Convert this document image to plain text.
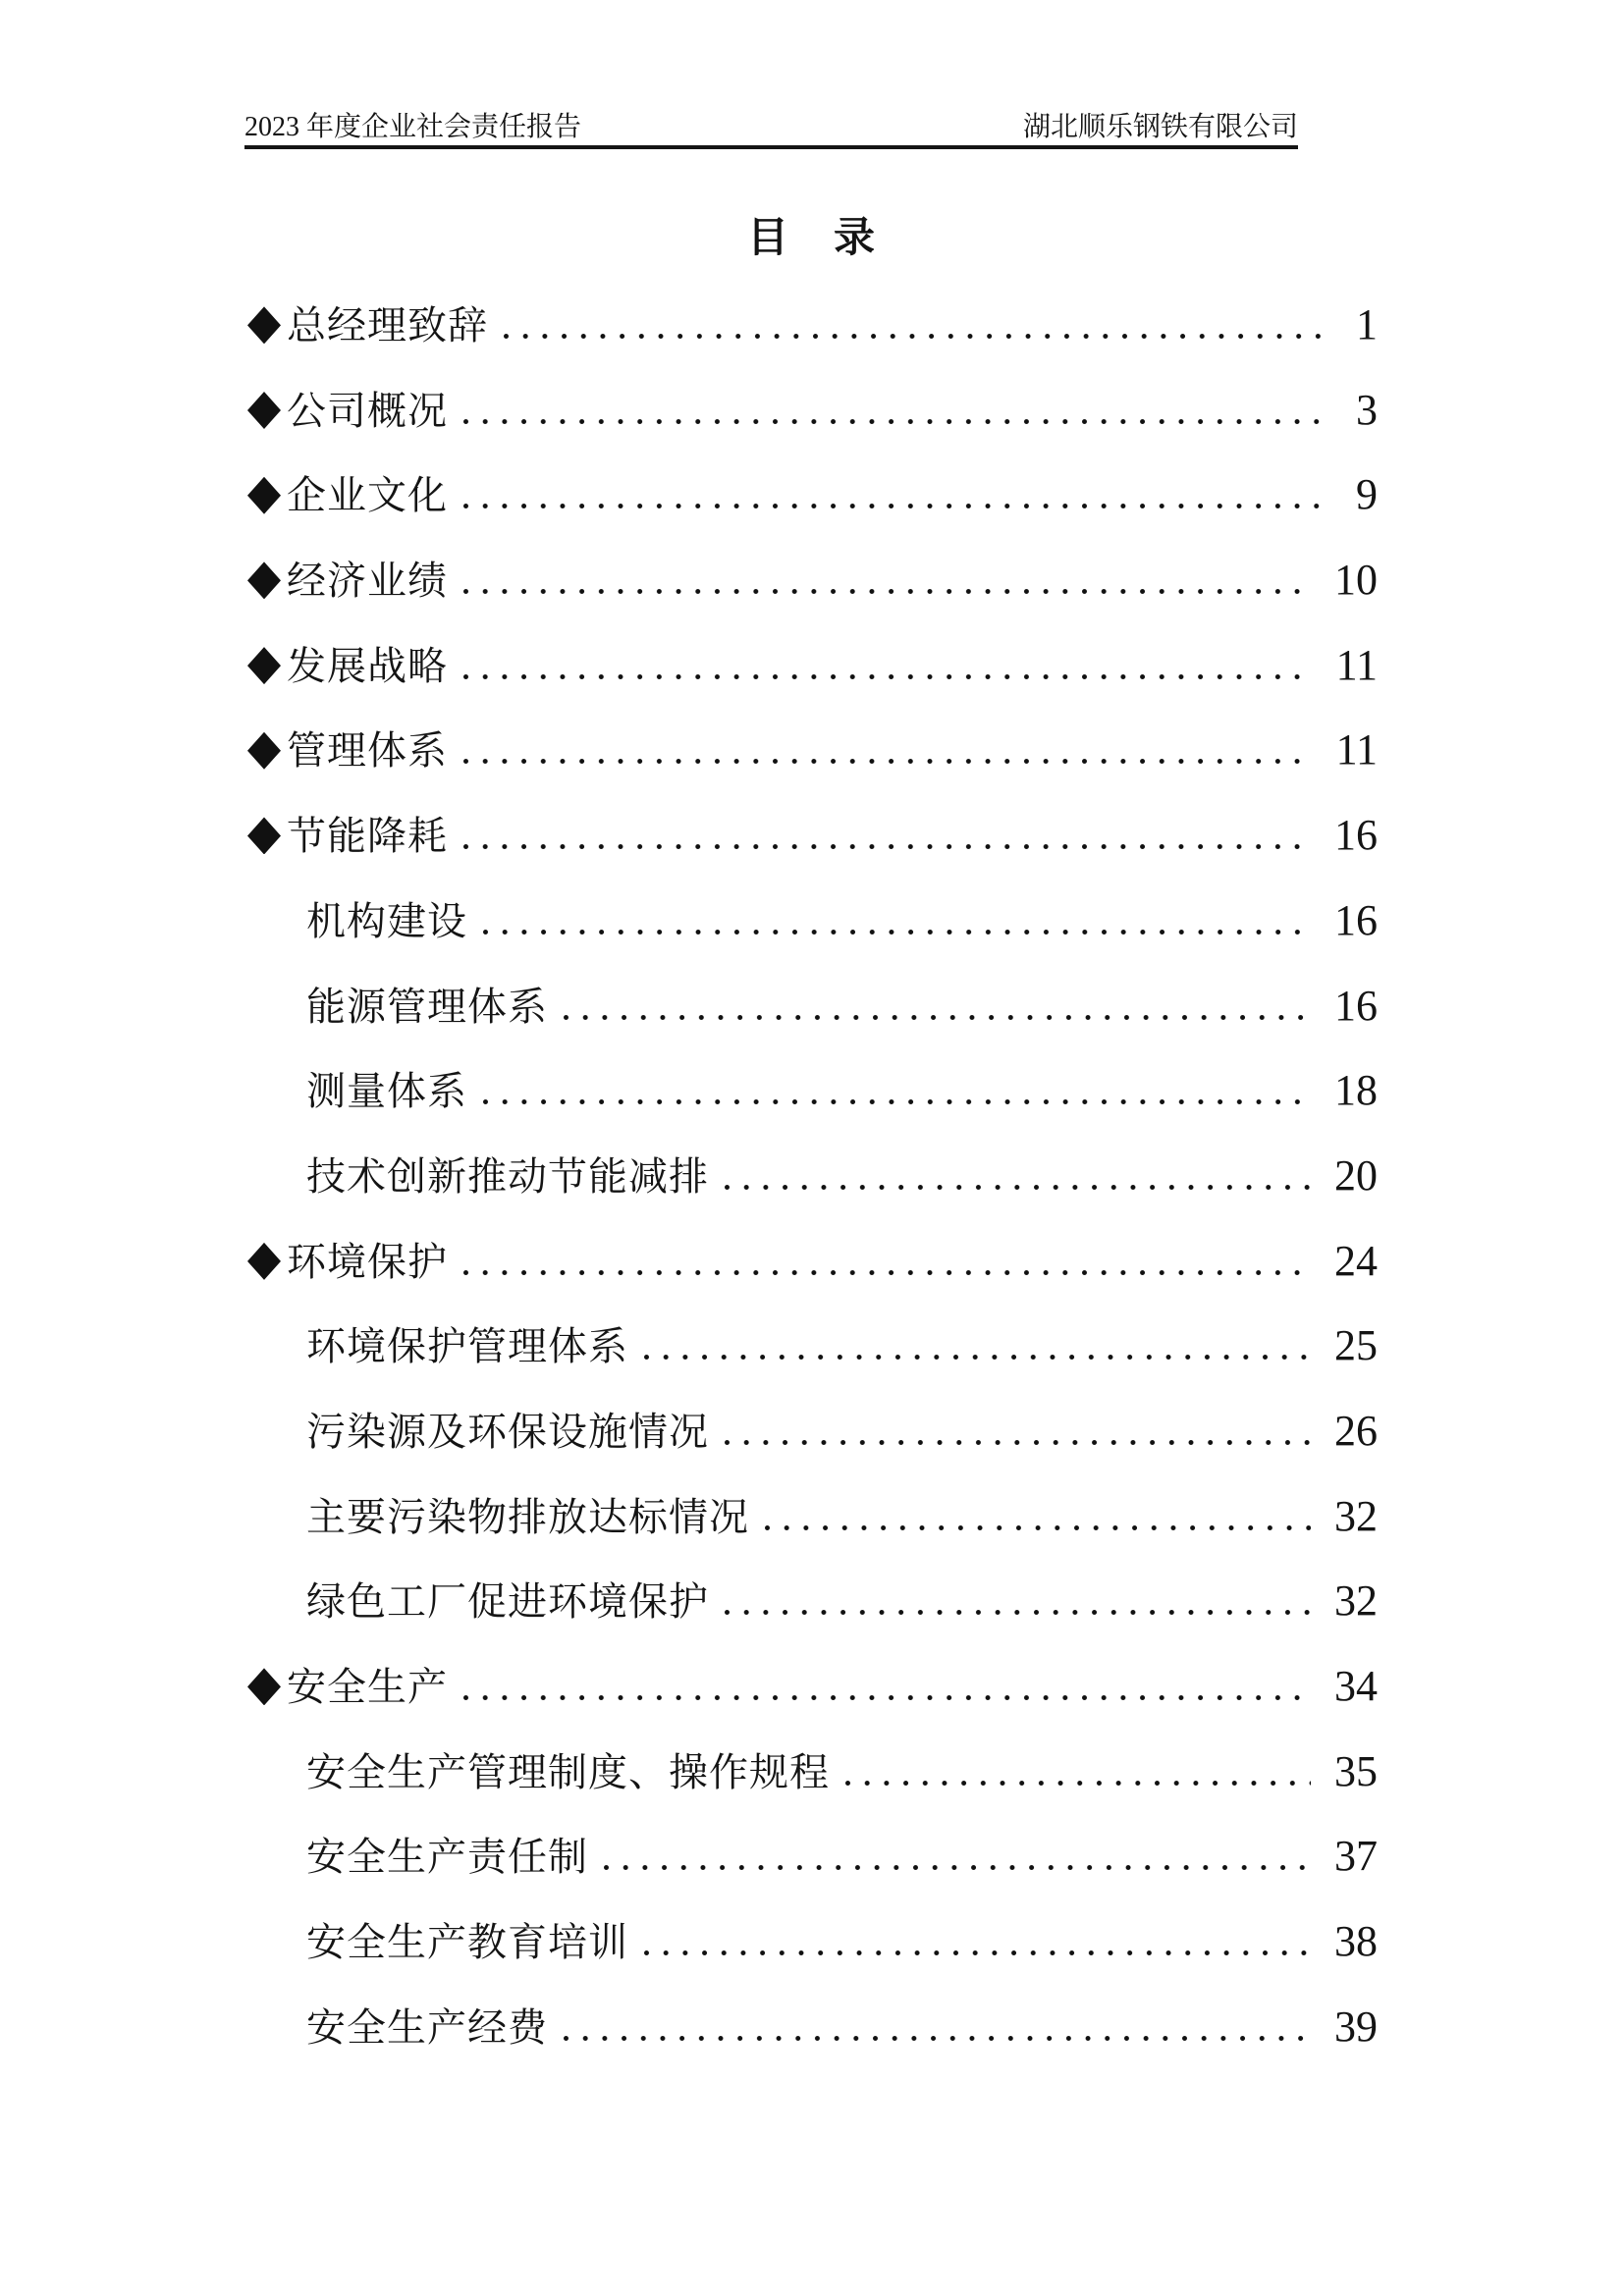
2023 年度企业社会责任报告	湖北顺乐钢铁有限公司
目　录
总经理致辞	1
公司概况	3
企业文化	9
经济业绩	10
发展战略	11
管理体系	11
节能降耗	16
机构建设	16
能源管理体系	16
测量体系	18
技术创新推动节能减排	20
环境保护	24
环境保护管理体系	25
污染源及环保设施情况	26
主要污染物排放达标情况	32
绿色工厂促进环境保护	32
安全生产	34
安全生产管理制度、操作规程	35
安全生产责任制	37
安全生产教育培训	38
安全生产经费	39
